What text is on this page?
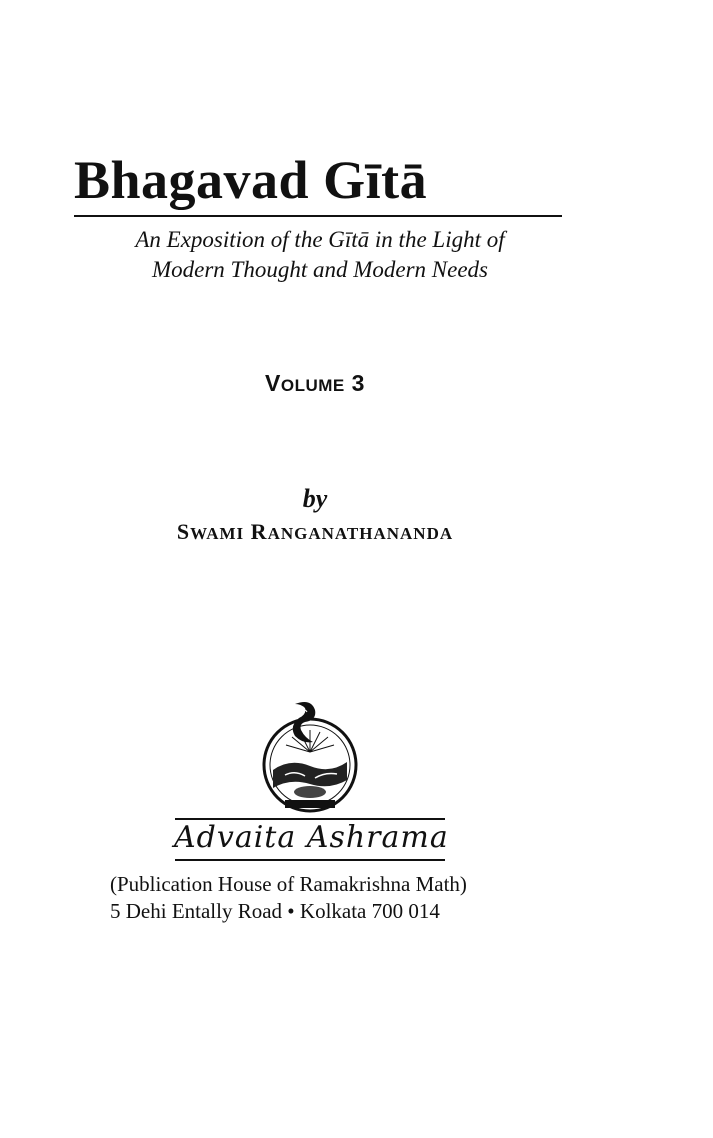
Bhagavad Gītā
An Exposition of the Gītā in the Light of
Modern Thought and Modern Needs
VOLUME 3
by
SWAMI RANGANATHANANDA
Advaita Ashrama
(Publication House of Ramakrishna Math)
5 Dehi Entally Road • Kolkata 700 014
